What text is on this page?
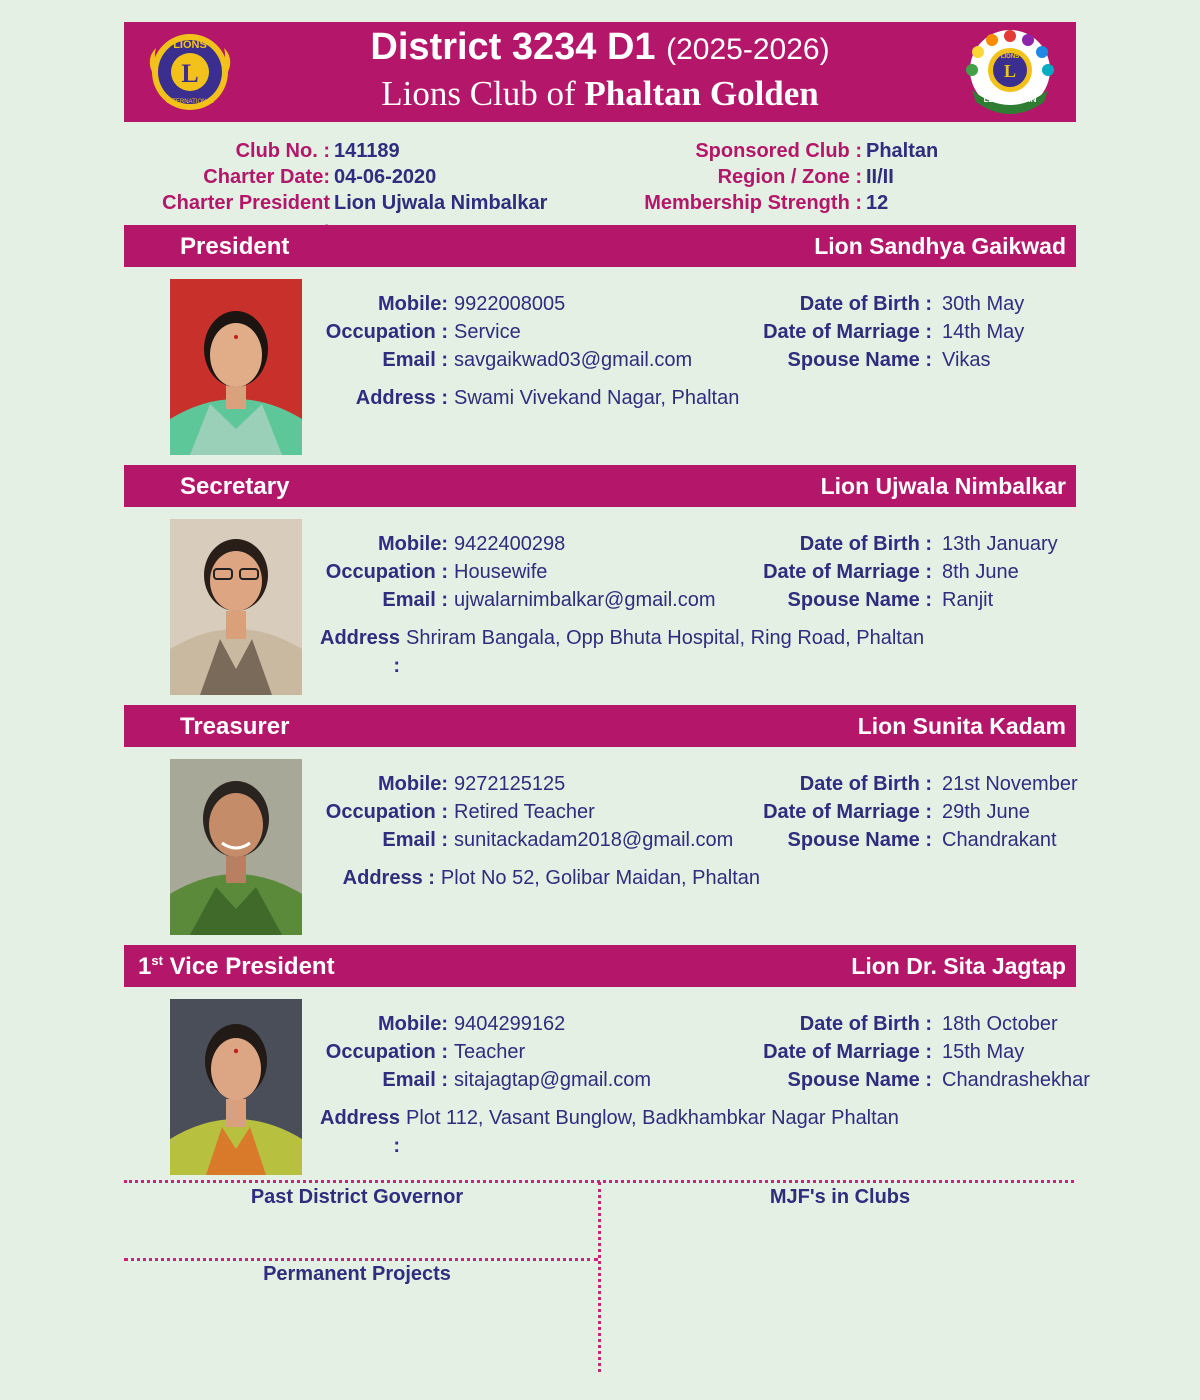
L
LIONS
INTERNATIONAL
District 3234 D1 (2025-2026)
Lions Club of Phaltan Golden
L
LIONS
LEAD TO WIN
Club No. : 141189
Charter Date: 04-06-2020
Charter President Lion Ujwala Nimbalkar
Sponsored Club : Phaltan
Region / Zone : II/II
Membership Strength : 12
President	Lion Sandhya Gaikwad
Mobile: 9922008005
Occupation : Service
Email : savgaikwad03@gmail.com
Address : Swami Vivekand Nagar, Phaltan
Date of Birth : 30th May
Date of Marriage : 14th May
Spouse Name : Vikas
Secretary	Lion Ujwala Nimbalkar
Mobile: 9422400298
Occupation : Housewife
Email : ujwalarnimbalkar@gmail.com
Address :
Shriram Bangala, Opp Bhuta Hospital, Ring Road, Phaltan
Date of Birth : 13th January
Date of Marriage : 8th June
Spouse Name : Ranjit
Treasurer	Lion Sunita Kadam
Mobile: 9272125125
Occupation : Retired Teacher
Email : sunitackadam2018@gmail.com
Address : Plot No 52, Golibar Maidan, Phaltan
Date of Birth : 21st November
Date of Marriage : 29th June
Spouse Name : Chandrakant
1st Vice President	Lion Dr. Sita Jagtap
Mobile: 9404299162
Occupation : Teacher
Email : sitajagtap@gmail.com
Address :
Plot 112, Vasant Bunglow, Badkhambkar Nagar Phaltan
Date of Birth : 18th October
Date of Marriage : 15th May
Spouse Name : Chandrashekhar
Past District Governor	MJF's in Clubs
Permanent Projects
